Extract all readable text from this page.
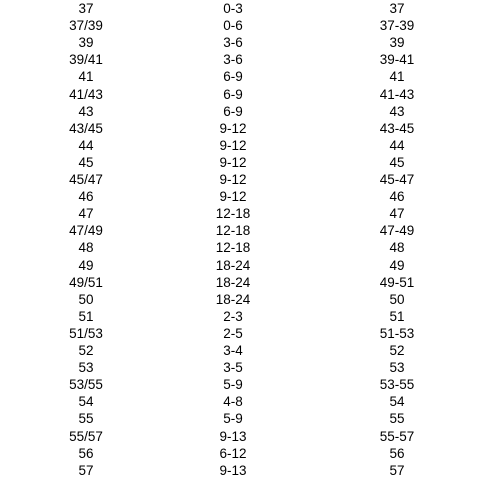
37	0-3	37
37/39	0-6	37-39
39	3-6	39
39/41	3-6	39-41
41	6-9	41
41/43	6-9	41-43
43	6-9	43
43/45	9-12	43-45
44	9-12	44
45	9-12	45
45/47	9-12	45-47
46	9-12	46
47	12-18	47
47/49	12-18	47-49
48	12-18	48
49	18-24	49
49/51	18-24	49-51
50	18-24	50
51	2-3	51
51/53	2-5	51-53
52	3-4	52
53	3-5	53
53/55	5-9	53-55
54	4-8	54
55	5-9	55
55/57	9-13	55-57
56	6-12	56
57	9-13	57
